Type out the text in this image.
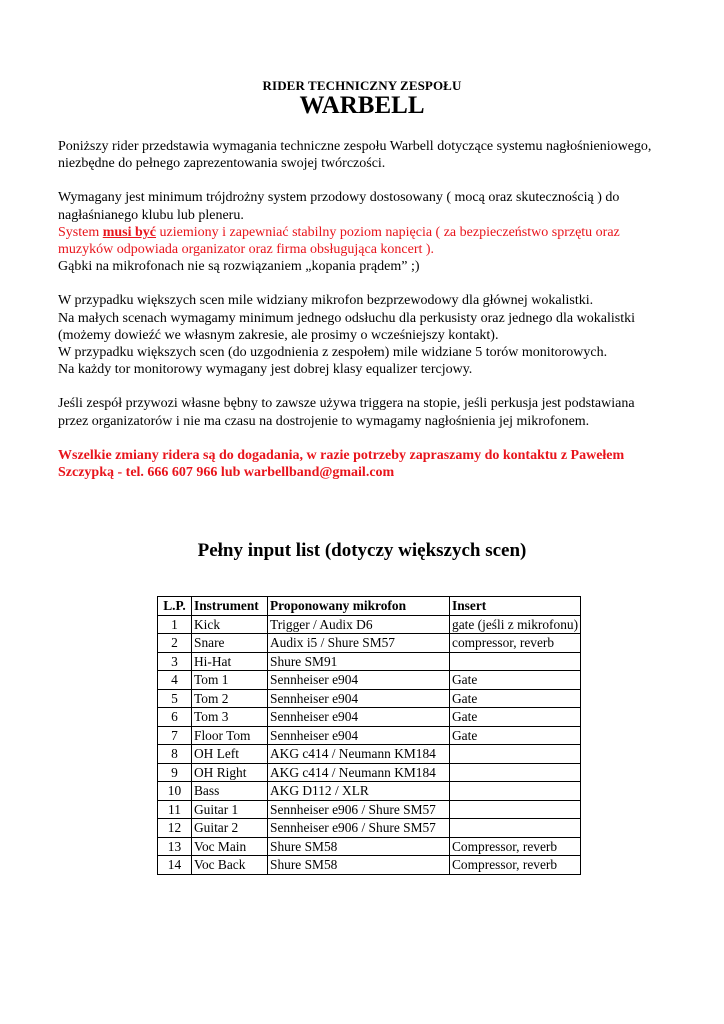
RIDER TECHNICZNY ZESPOŁU
WARBELL

Poniższy rider przedstawia wymagania techniczne zespołu Warbell dotyczące systemu nagłośnieniowego,
niezbędne do pełnego zaprezentowania swojej twórczości.

Wymagany jest minimum trójdrożny system przodowy dostosowany ( mocą oraz skutecznością ) do
nagłaśnianego klubu lub pleneru.
System musi być uziemiony i zapewniać stabilny poziom napięcia ( za bezpieczeństwo sprzętu oraz
muzyków odpowiada organizator oraz firma obsługująca koncert ).
Gąbki na mikrofonach nie są rozwiązaniem „kopania prądem” ;)

W przypadku większych scen mile widziany mikrofon bezprzewodowy dla głównej wokalistki.
Na małych scenach wymagamy minimum jednego odsłuchu dla perkusisty oraz jednego dla wokalistki
(możemy dowieźć we własnym zakresie, ale prosimy o wcześniejszy kontakt).
W przypadku większych scen (do uzgodnienia z zespołem) mile widziane 5 torów monitorowych.
Na każdy tor monitorowy wymagany jest dobrej klasy equalizer tercjowy.

Jeśli zespół przywozi własne bębny to zawsze używa triggera na stopie, jeśli perkusja jest podstawiana
przez organizatorów i nie ma czasu na dostrojenie to wymagamy nagłośnienia jej mikrofonem.

Wszelkie zmiany ridera są do dogadania, w razie potrzeby zapraszamy do kontaktu z Pawełem
Szczypką - tel. 666 607 966 lub warbellband@gmail.com

Pełny input list (dotyczy większych scen)
L.P.	Instrument	Proponowany mikrofon	Insert
1	Kick	Trigger / Audix D6	gate (jeśli z mikrofonu)
2	Snare	Audix i5 / Shure SM57	compressor, reverb
3	Hi-Hat	Shure SM91	
4	Tom 1	Sennheiser e904	Gate
5	Tom 2	Sennheiser e904	Gate
6	Tom 3	Sennheiser e904	Gate
7	Floor Tom	Sennheiser e904	Gate
8	OH Left	AKG c414 / Neumann KM184	
9	OH Right	AKG c414 / Neumann KM184	
10	Bass	AKG D112 / XLR	
11	Guitar 1	Sennheiser e906 / Shure SM57	
12	Guitar 2	Sennheiser e906 / Shure SM57	
13	Voc Main	Shure SM58	Compressor, reverb
14	Voc Back	Shure SM58	Compressor, reverb
